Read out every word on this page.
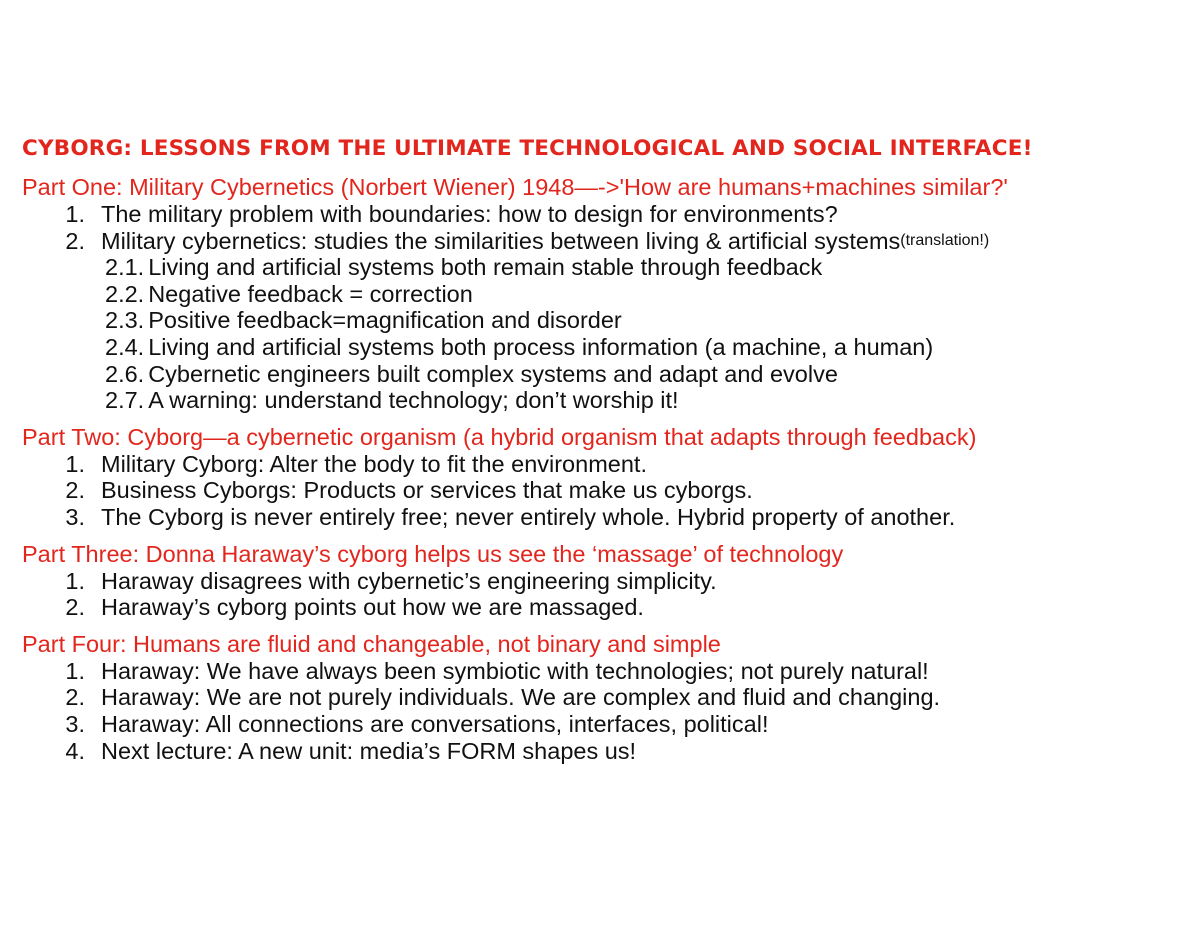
CYBORG: LESSONS FROM THE ULTIMATE TECHNOLOGICAL AND SOCIAL INTERFACE!
Part One: Military Cybernetics (Norbert Wiener) 1948—->'How are humans+machines similar?'
1. The military problem with boundaries: how to design for environments?
2. Military cybernetics: studies the similarities between living & artificial systems (translation!)
2.1. Living and artificial systems both remain stable through feedback
2.2. Negative feedback = correction
2.3. Positive feedback=magnification and disorder
2.4. Living and artificial systems both process information (a machine, a human)
2.6. Cybernetic engineers built complex systems and adapt and evolve
2.7. A warning: understand technology; don’t worship it!
Part Two: Cyborg—a cybernetic organism (a hybrid organism that adapts through feedback)
1. Military Cyborg: Alter the body to fit the environment.
2. Business Cyborgs: Products or services that make us cyborgs.
3. The Cyborg is never entirely free; never entirely whole. Hybrid property of another.
Part Three: Donna Haraway’s cyborg helps us see the ‘massage’ of technology
1. Haraway disagrees with cybernetic’s engineering simplicity.
2. Haraway’s cyborg points out how we are massaged.
Part Four: Humans are fluid and changeable, not binary and simple
1. Haraway: We have always been symbiotic with technologies; not purely natural!
2. Haraway: We are not purely individuals. We are complex and fluid and changing.
3. Haraway: All connections are conversations, interfaces, political!
4. Next lecture: A new unit: media’s FORM shapes us!
